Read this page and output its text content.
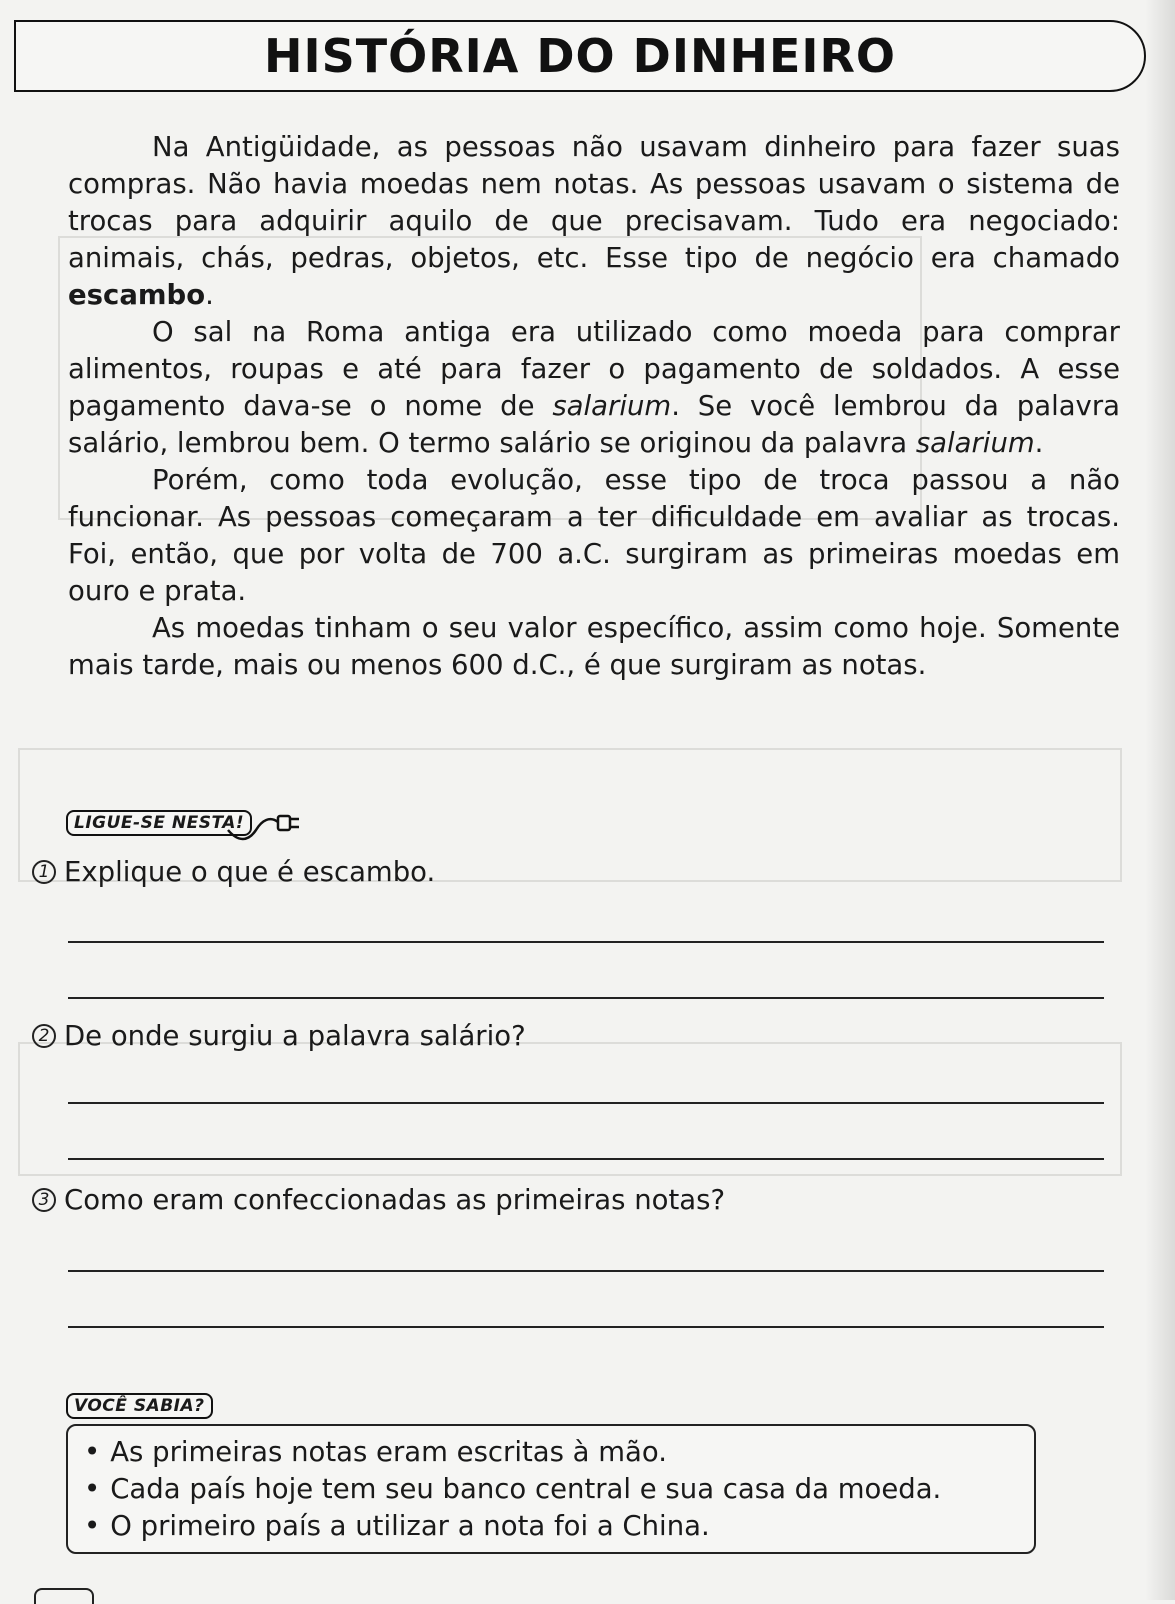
HISTÓRIA DO DINHEIRO

Na Antigüidade, as pessoas não usavam dinheiro para fazer suas compras. Não havia moedas nem notas. As pessoas usavam o sistema de trocas para adquirir aquilo de que precisavam. Tudo era negociado: animais, chás, pedras, objetos, etc. Esse tipo de negócio era chamado escambo.

O sal na Roma antiga era utilizado como moeda para comprar alimentos, roupas e até para fazer o pagamento de soldados. A esse pagamento dava-se o nome de salarium. Se você lembrou da palavra salário, lembrou bem. O termo salário se originou da palavra salarium.

Porém, como toda evolução, esse tipo de troca passou a não funcionar. As pessoas começaram a ter dificuldade em avaliar as trocas. Foi, então, que por volta de 700 a.C. surgiram as primeiras moedas em ouro e prata.

As moedas tinham o seu valor específico, assim como hoje. Somente mais tarde, mais ou menos 600 d.C., é que surgiram as notas.

LIGUE-SE NESTA!
1 Explique o que é escambo.
2 De onde surgiu a palavra salário?
3 Como eram confeccionadas as primeiras notas?
VOCÊ SABIA?
• As primeiras notas eram escritas à mão.
• Cada país hoje tem seu banco central e sua casa da moeda.
• O primeiro país a utilizar a nota foi a China.
